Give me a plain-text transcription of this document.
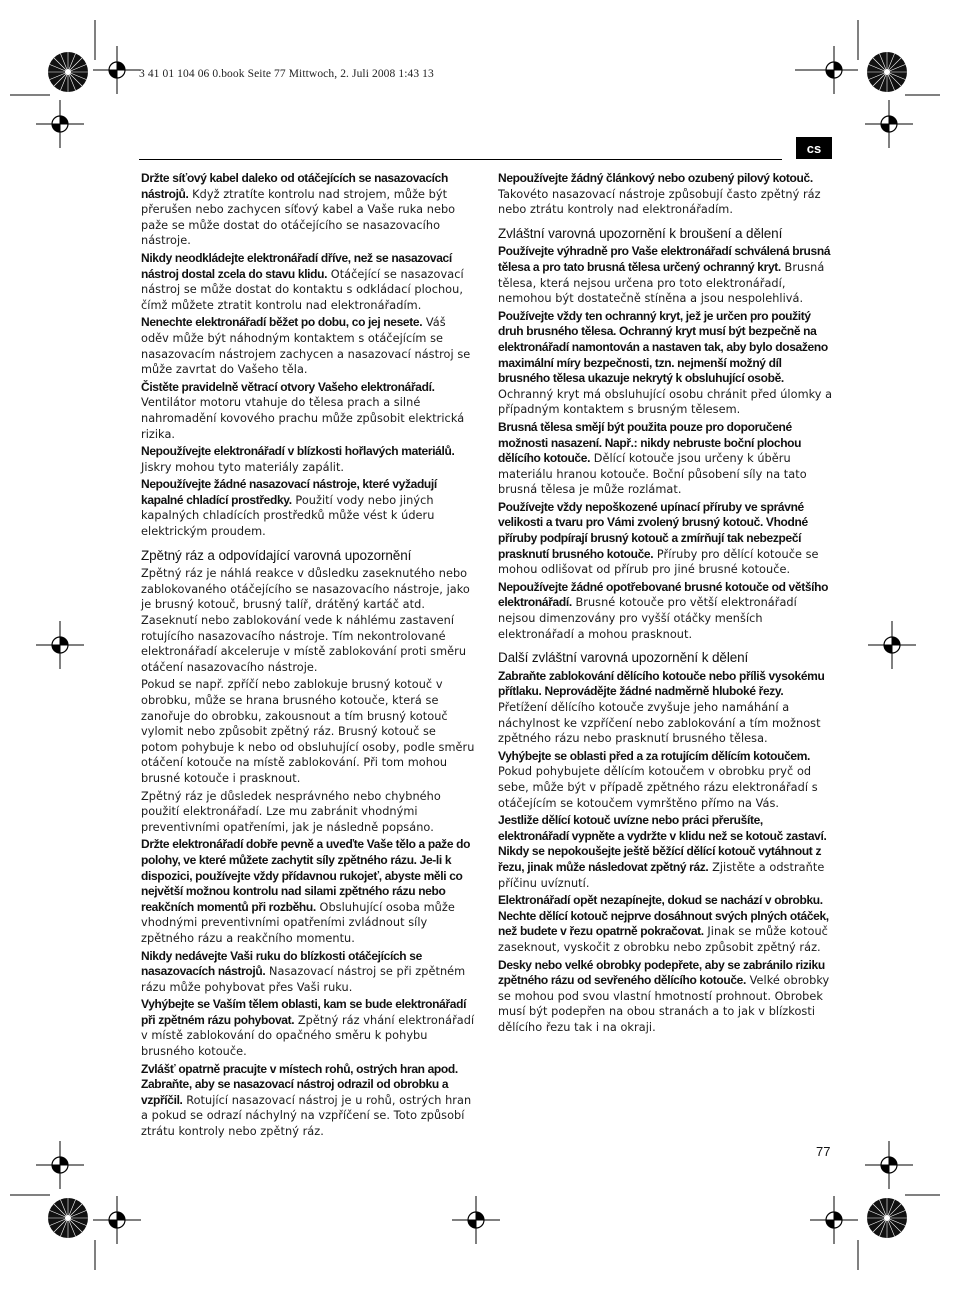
3 41 01 104 06 0.book Seite 77 Mittwoch, 2. Juli 2008 1:43 13
cs

Držte síťový kabel daleko od otáčejících se nasazovacích nástrojů. Když ztratíte kontrolu nad strojem, může být přerušen nebo zachycen síťový kabel a Vaše ruka nebo paže se může dostat do otáčejícího se nasazovacího nástroje.

Nikdy neodkládejte elektronářadí dříve, než se nasazovací nástroj dostal zcela do stavu klidu. Otáčející se nasazovací nástroj se může dostat do kontaktu s odkládací plochou, čímž můžete ztratit kontrolu nad elektronářadím.

Nenechte elektronářadí běžet po dobu, co jej nesete. Váš oděv může být náhodným kontaktem s otáčejícím se nasazovacím nástrojem zachycen a nasazovací nástroj se může zavrtat do Vašeho těla.

Čistěte pravidelně větrací otvory Vašeho elektronářadí. Ventilátor motoru vtahuje do tělesa prach a silné nahromadění kovového prachu může způsobit elektrická rizika.

Nepoužívejte elektronářadí v blízkosti hořlavých materiálů. Jiskry mohou tyto materiály zapálit.

Nepoužívejte žádné nasazovací nástroje, které vyžadují kapalné chladící prostředky. Použití vody nebo jiných kapalných chladících prostředků může vést k úderu elektrickým proudem.

Zpětný ráz a odpovídající varovná upozornění

Zpětný ráz je náhlá reakce v důsledku zaseknutého nebo zablokovaného otáčejícího se nasazovacího nástroje, jako je brusný kotouč, brusný talíř, drátěný kartáč atd. Zaseknutí nebo zablokování vede k náhlému zastavení rotujícího nasazovacího nástroje. Tím nekontrolované elektronářadí akceleruje v místě zablokování proti směru otáčení nasazovacího nástroje.

Pokud se např. zpříčí nebo zablokuje brusný kotouč v obrobku, může se hrana brusného kotouče, která se zanořuje do obrobku, zakousnout a tím brusný kotouč vylomit nebo způsobit zpětný ráz. Brusný kotouč se potom pohybuje k nebo od obsluhující osoby, podle směru otáčení kotouče na místě zablokování. Při tom mohou brusné kotouče i prasknout.

Zpětný ráz je důsledek nesprávného nebo chybného použití elektronářadí. Lze mu zabránit vhodnými preventivními opatřeními, jak je následně popsáno.

Držte elektronářadí dobře pevně a uveďte Vaše tělo a paže do polohy, ve které můžete zachytit síly zpětného rázu. Je-li k dispozici, používejte vždy přídavnou rukojeť, abyste měli co největší možnou kontrolu nad silami zpětného rázu nebo reakčních momentů při rozběhu. Obsluhující osoba může vhodnými preventivními opatřeními zvládnout síly zpětného rázu a reakčního momentu.

Nikdy nedávejte Vaši ruku do blízkosti otáčejících se nasazovacích nástrojů. Nasazovací nástroj se při zpětném rázu může pohybovat přes Vaši ruku.

Vyhýbejte se Vaším tělem oblasti, kam se bude elektronářadí při zpětném rázu pohybovat. Zpětný ráz vhání elektronářadí v místě zablokování do opačného směru k pohybu brusného kotouče.

Zvlášť opatrně pracujte v místech rohů, ostrých hran apod. Zabraňte, aby se nasazovací nástroj odrazil od obrobku a vzpříčil. Rotující nasazovací nástroj je u rohů, ostrých hran a pokud se odrazí náchylný na vzpříčení se. Toto způsobí ztrátu kontroly nebo zpětný ráz.

Nepoužívejte žádný článkový nebo ozubený pilový kotouč. Takovéto nasazovací nástroje způsobují často zpětný ráz nebo ztrátu kontroly nad elektronářadím.

Zvláštní varovná upozornění k broušení a dělení

Používejte výhradně pro Vaše elektronářadí schválená brusná tělesa a pro tato brusná tělesa určený ochranný kryt. Brusná tělesa, která nejsou určena pro toto elektronářadí, nemohou být dostatečně stíněna a jsou nespolehlivá.

Používejte vždy ten ochranný kryt, jež je určen pro použitý druh brusného tělesa. Ochranný kryt musí být bezpečně na elektronářadí namontován a nastaven tak, aby bylo dosaženo maximální míry bezpečnosti, tzn. nejmenší možný díl brusného tělesa ukazuje nekrytý k obsluhující osobě. Ochranný kryt má obsluhující osobu chránit před úlomky a případným kontaktem s brusným tělesem.

Brusná tělesa smějí být použita pouze pro doporučené možnosti nasazení. Např.: nikdy nebruste boční plochou dělícího kotouče. Dělící kotouče jsou určeny k úběru materiálu hranou kotouče. Boční působení síly na tato brusná tělesa je může rozlámat.

Používejte vždy nepoškozené upínací příruby ve správné velikosti a tvaru pro Vámi zvolený brusný kotouč. Vhodné příruby podpírají brusný kotouč a zmírňují tak nebezpečí prasknutí brusného kotouče. Příruby pro dělící kotouče se mohou odlišovat od přírub pro jiné brusné kotouče.

Nepoužívejte žádné opotřebované brusné kotouče od většího elektronářadí. Brusné kotouče pro větší elektronářadí nejsou dimenzovány pro vyšší otáčky menších elektronářadí a mohou prasknout.

Další zvláštní varovná upozornění k dělení

Zabraňte zablokování dělícího kotouče nebo příliš vysokému přítlaku. Neprovádějte žádné nadměrně hluboké řezy. Přetížení dělícího kotouče zvyšuje jeho namáhání a náchylnost ke vzpříčení nebo zablokování a tím možnost zpětného rázu nebo prasknutí brusného tělesa.

Vyhýbejte se oblasti před a za rotujícím dělícím kotoučem. Pokud pohybujete dělícím kotoučem v obrobku pryč od sebe, může být v případě zpětného rázu elektronářadí s otáčejícím se kotoučem vymrštěno přímo na Vás.

Jestliže dělící kotouč uvízne nebo práci přerušíte, elektronářadí vypněte a vydržte v klidu než se kotouč zastaví. Nikdy se nepokoušejte ještě běžící dělící kotouč vytáhnout z řezu, jinak může následovat zpětný ráz. Zjistěte a odstraňte příčinu uvíznutí.

Elektronářadí opět nezapínejte, dokud se nachází v obrobku. Nechte dělící kotouč nejprve dosáhnout svých plných otáček, než budete v řezu opatrně pokračovat. Jinak se může kotouč zaseknout, vyskočit z obrobku nebo způsobit zpětný ráz.

Desky nebo velké obrobky podepřete, aby se zabránilo riziku zpětného rázu od sevřeného dělícího kotouče. Velké obrobky se mohou pod svou vlastní hmotností prohnout. Obrobek musí být podepřen na obou stranách a to jak v blízkosti dělícího řezu tak i na okraji.

77
